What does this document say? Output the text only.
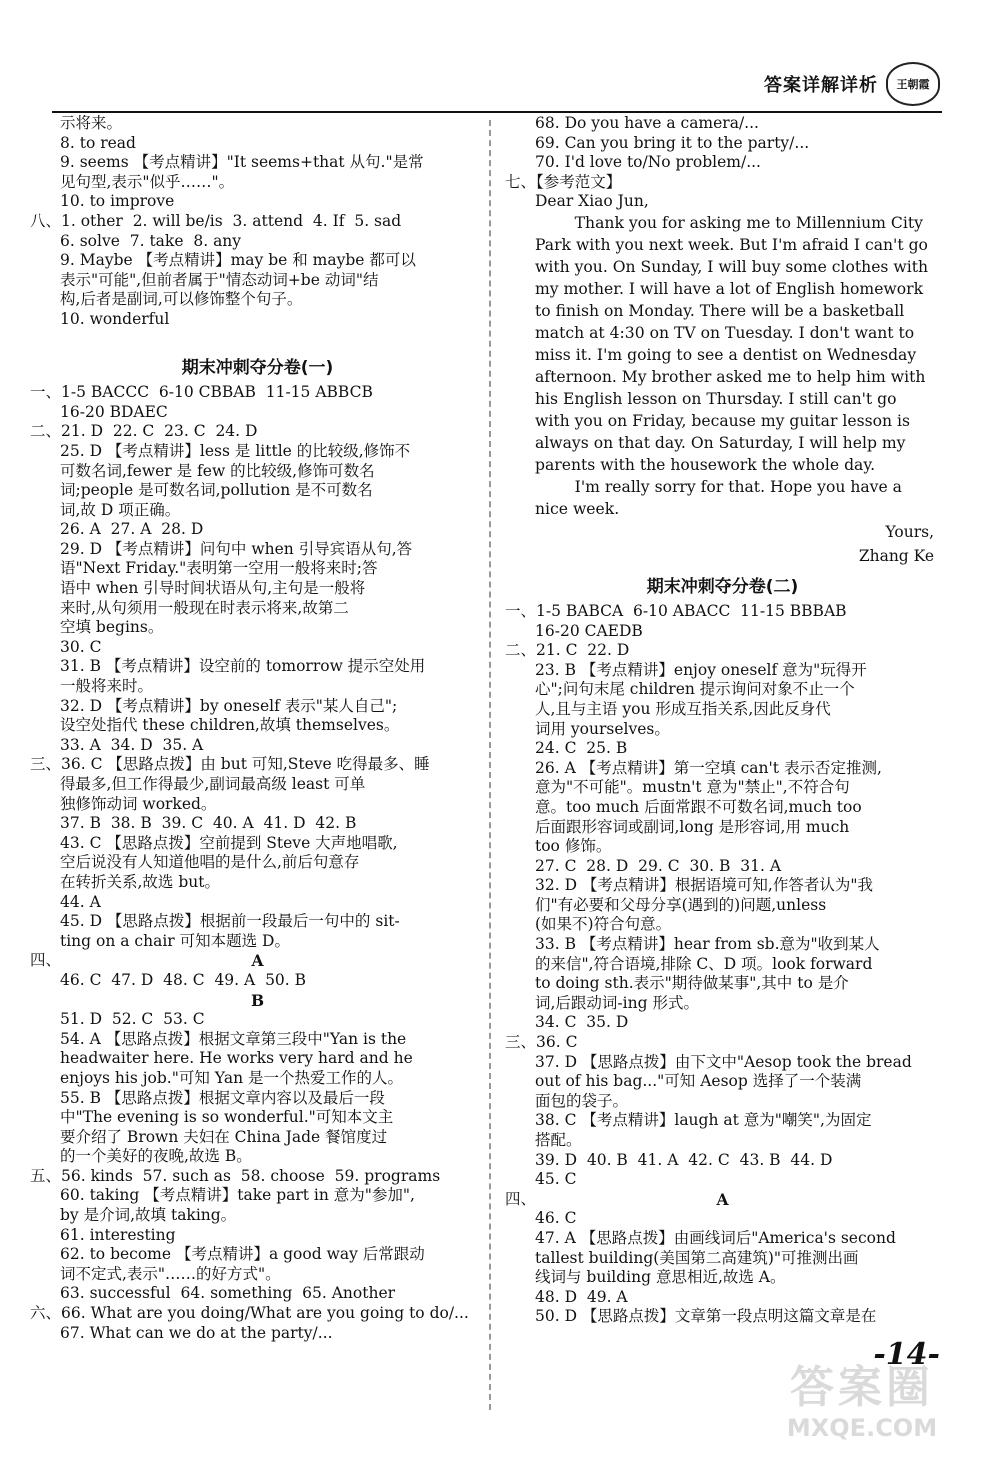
答案详解详析	王朝霞
示将来。
8. to read
9. seems 【考点精讲】"It seems+that 从句."是常
见句型,表示"似乎……"。
10. to improve
八、1. other  2. will be/is  3. attend  4. If  5. sad
6. solve  7. take  8. any
9. Maybe 【考点精讲】may be 和 maybe 都可以
表示"可能",但前者属于"情态动词+be 动词"结
构,后者是副词,可以修饰整个句子。
10. wonderful
期末冲刺夺分卷(一)
一、1-5 BACCC  6-10 CBBAB  11-15 ABBCB
16-20 BDAEC
二、21. D  22. C  23. C  24. D
25. D 【考点精讲】less 是 little 的比较级,修饰不
可数名词,fewer 是 few 的比较级,修饰可数名
词;people 是可数名词,pollution 是不可数名
词,故 D 项正确。
26. A  27. A  28. D
29. D 【考点精讲】问句中 when 引导宾语从句,答
语"Next Friday."表明第一空用一般将来时;答
语中 when 引导时间状语从句,主句是一般将
来时,从句须用一般现在时表示将来,故第二
空填 begins。
30. C
31. B 【考点精讲】设空前的 tomorrow 提示空处用
一般将来时。
32. D 【考点精讲】by oneself 表示"某人自己";
设空处指代 these children,故填 themselves。
33. A  34. D  35. A
三、36. C 【思路点拨】由 but 可知,Steve 吃得最多、睡
得最多,但工作得最少,副词最高级 least 可单
独修饰动词 worked。
37. B  38. B  39. C  40. A  41. D  42. B
43. C 【思路点拨】空前提到 Steve 大声地唱歌,
空后说没有人知道他唱的是什么,前后句意存
在转折关系,故选 but。
44. A
45. D 【思路点拨】根据前一段最后一句中的 sit-
ting on a chair 可知本题选 D。
四、	A
46. C  47. D  48. C  49. A  50. B
B
51. D  52. C  53. C
54. A 【思路点拨】根据文章第三段中"Yan is the
headwaiter here. He works very hard and he
enjoys his job."可知 Yan 是一个热爱工作的人。
55. B 【思路点拨】根据文章内容以及最后一段
中"The evening is so wonderful."可知本文主
要介绍了 Brown 夫妇在 China Jade 餐馆度过
的一个美好的夜晚,故选 B。
五、56. kinds  57. such as  58. choose  59. programs
60. taking 【考点精讲】take part in 意为"参加",
by 是介词,故填 taking。
61. interesting
62. to become 【考点精讲】a good way 后常跟动
词不定式,表示"……的好方式"。
63. successful  64. something  65. Another
六、66. What are you doing/What are you going to do/...
67. What can we do at the party/...
68. Do you have a camera/...
69. Can you bring it to the party/...
70. I'd love to/No problem/...
七、【参考范文】
Dear Xiao Jun,
Thank you for asking me to Millennium City
Park with you next week. But I'm afraid I can't go
with you. On Sunday, I will buy some clothes with
my mother. I will have a lot of English homework
to finish on Monday. There will be a basketball
match at 4:30 on TV on Tuesday. I don't want to
miss it. I'm going to see a dentist on Wednesday
afternoon. My brother asked me to help him with
his English lesson on Thursday. I still can't go
with you on Friday, because my guitar lesson is
always on that day. On Saturday, I will help my
parents with the housework the whole day.
I'm really sorry for that. Hope you have a
nice week.
Yours,
Zhang Ke
期末冲刺夺分卷(二)
一、1-5 BABCA  6-10 ABACC  11-15 BBBAB
16-20 CAEDB
二、21. C  22. D
23. B 【考点精讲】enjoy oneself 意为"玩得开
心";问句末尾 children 提示询问对象不止一个
人,且与主语 you 形成互指关系,因此反身代
词用 yourselves。
24. C  25. B
26. A 【考点精讲】第一空填 can't 表示否定推测,
意为"不可能"。mustn't 意为"禁止",不符合句
意。too much 后面常跟不可数名词,much too
后面跟形容词或副词,long 是形容词,用 much
too 修饰。
27. C  28. D  29. C  30. B  31. A
32. D 【考点精讲】根据语境可知,作答者认为"我
们"有必要和父母分享(遇到的)问题,unless
(如果不)符合句意。
33. B 【考点精讲】hear from sb.意为"收到某人
的来信",符合语境,排除 C、D 项。look forward
to doing sth.表示"期待做某事",其中 to 是介
词,后跟动词-ing 形式。
34. C  35. D
三、36. C
37. D 【思路点拨】由下文中"Aesop took the bread
out of his bag..."可知 Aesop 选择了一个装满
面包的袋子。
38. C 【考点精讲】laugh at 意为"嘲笑",为固定
搭配。
39. D  40. B  41. A  42. C  43. B  44. D
45. C
四、	A
46. C
47. A 【思路点拨】由画线词后"America's second
tallest building(美国第二高建筑)"可推测出画
线词与 building 意思相近,故选 A。
48. D  49. A
50. D 【思路点拨】文章第一段点明这篇文章是在
-14-
答案圈
MXQE.COM
